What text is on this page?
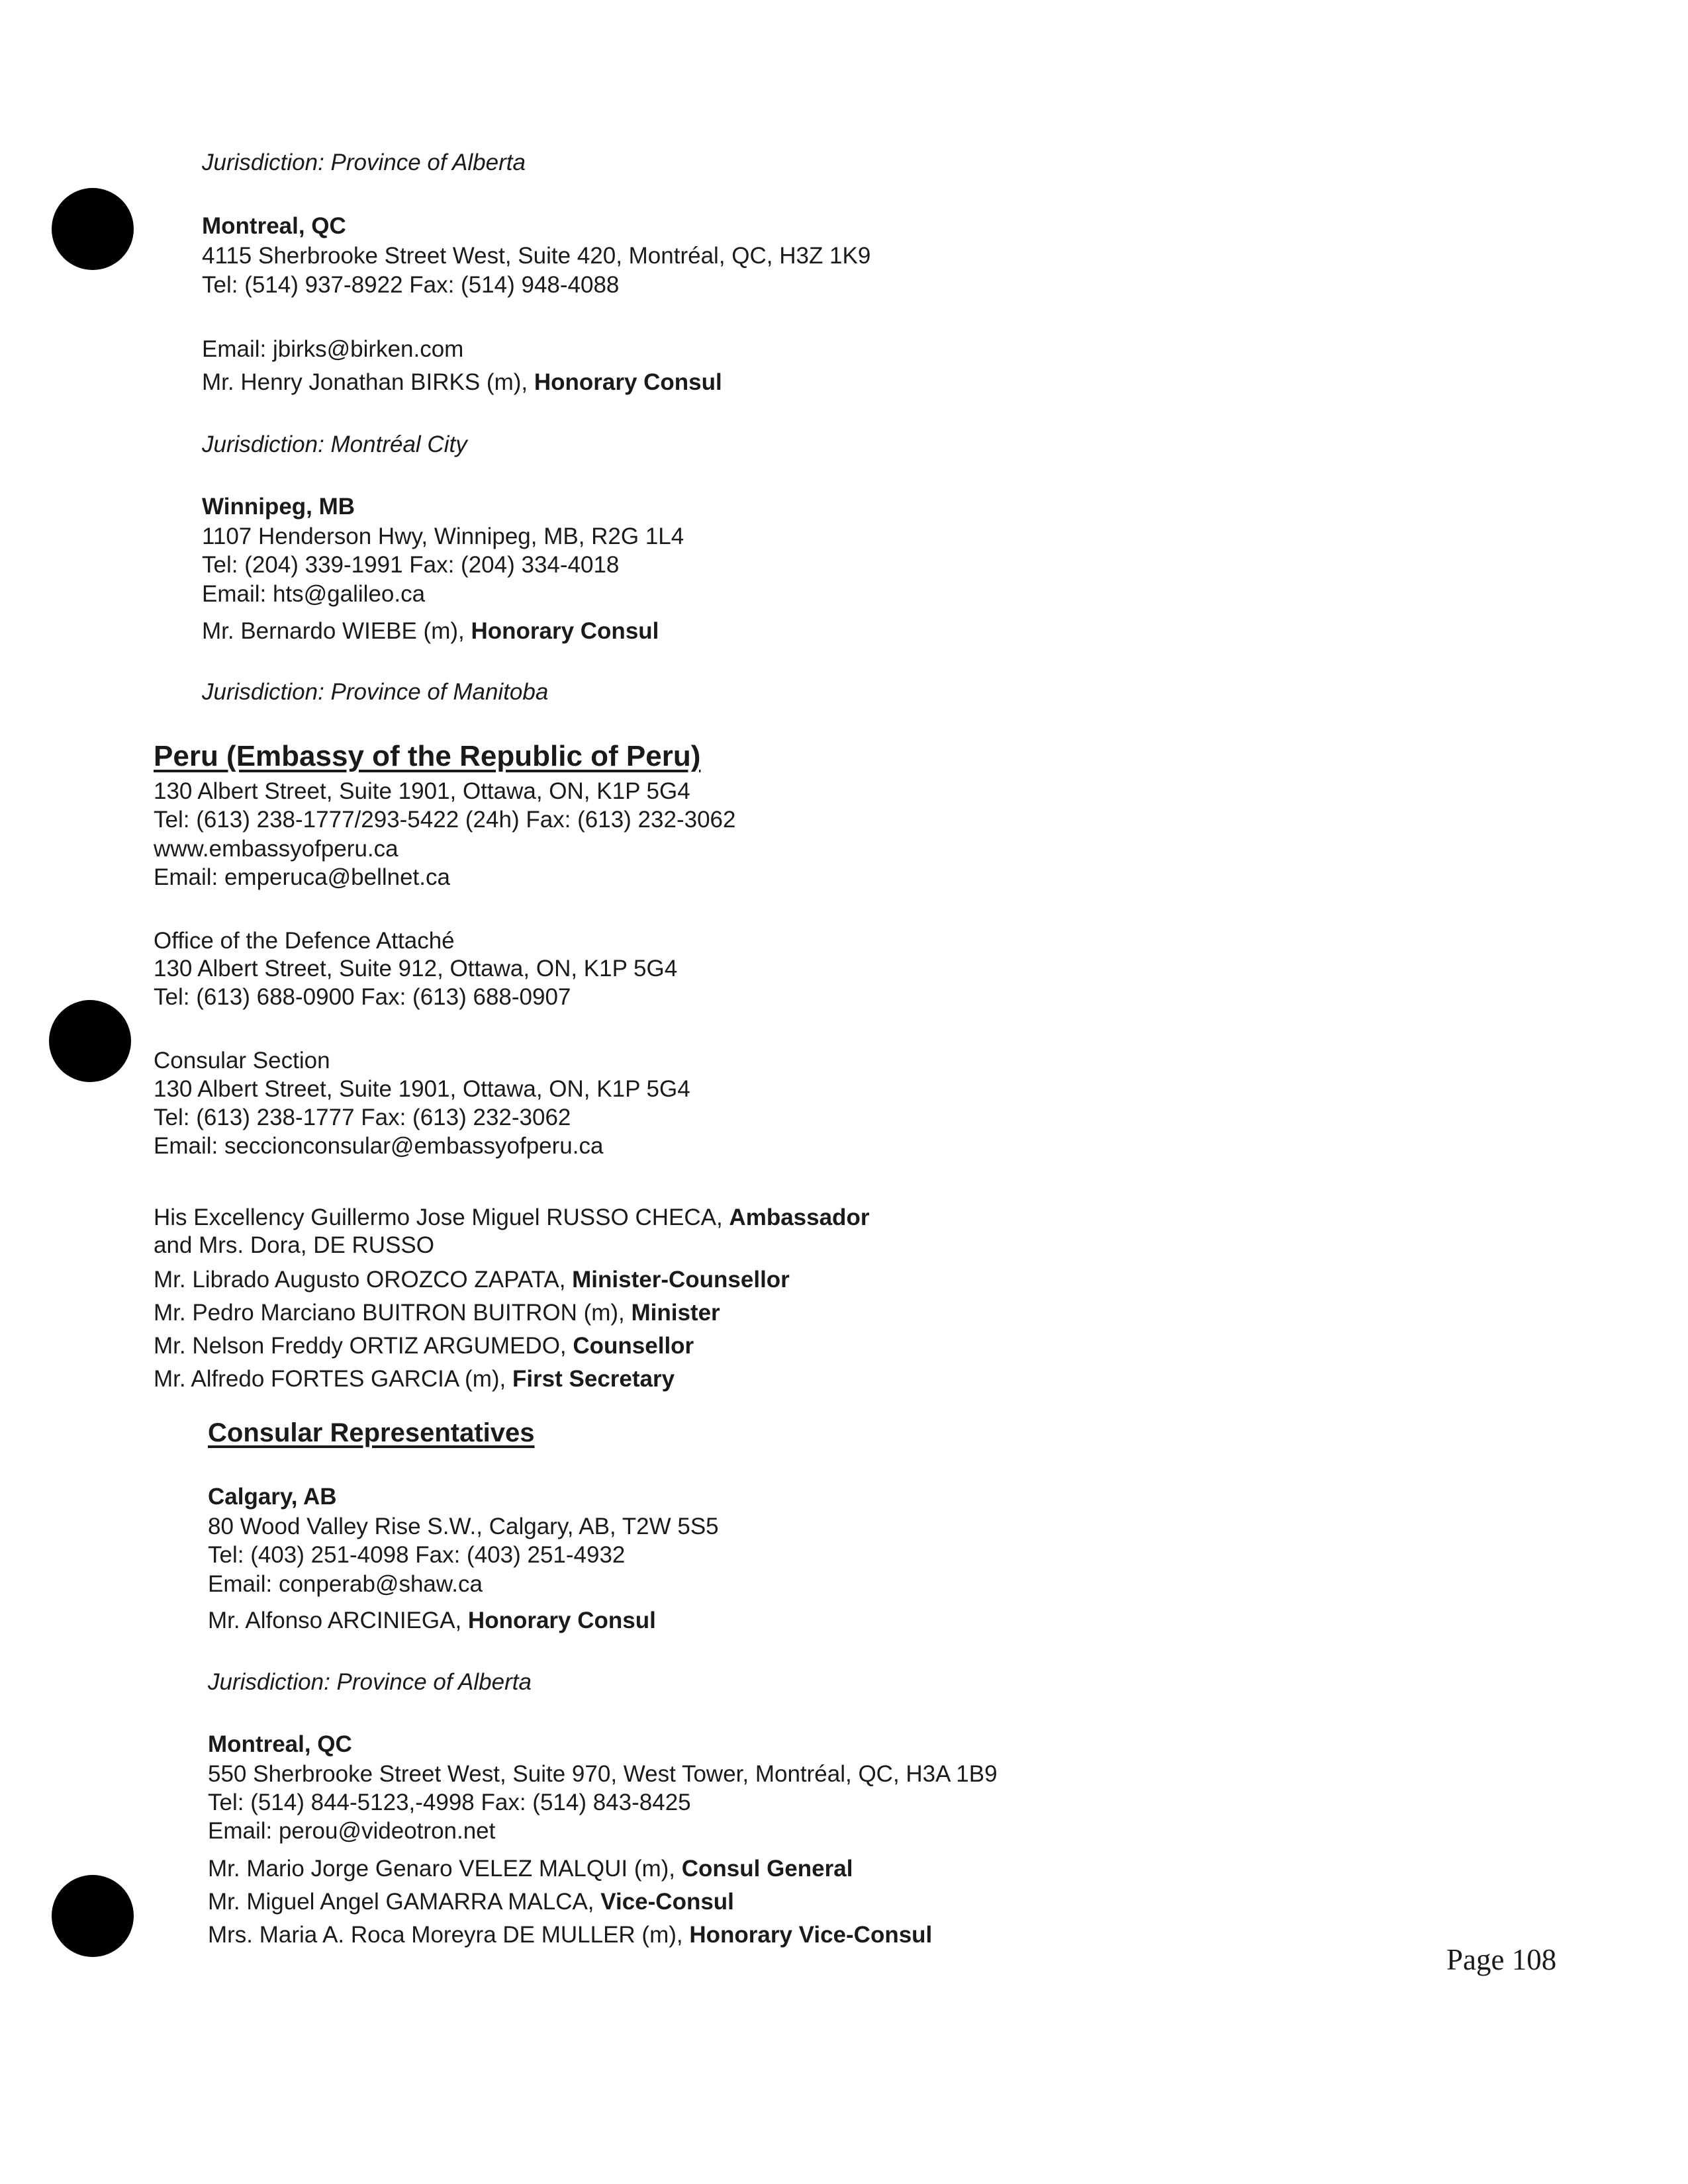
Jurisdiction: Province of Alberta
Montreal, QC
4115 Sherbrooke Street West, Suite 420, Montréal, QC, H3Z 1K9
Tel: (514) 937-8922 Fax: (514) 948-4088
Email: jbirks@birken.com
Mr. Henry Jonathan BIRKS (m), Honorary Consul
Jurisdiction: Montréal City
Winnipeg, MB
1107 Henderson Hwy, Winnipeg, MB, R2G 1L4
Tel: (204) 339-1991 Fax: (204) 334-4018
Email: hts@galileo.ca
Mr. Bernardo WIEBE (m), Honorary Consul
Jurisdiction: Province of Manitoba
Peru (Embassy of the Republic of Peru)
130 Albert Street, Suite 1901, Ottawa, ON, K1P 5G4
Tel: (613) 238-1777/293-5422 (24h) Fax: (613) 232-3062
www.embassyofperu.ca
Email: emperuca@bellnet.ca
Office of the Defence Attaché
130 Albert Street, Suite 912, Ottawa, ON, K1P 5G4
Tel: (613) 688-0900 Fax: (613) 688-0907
Consular Section
130 Albert Street, Suite 1901, Ottawa, ON, K1P 5G4
Tel: (613) 238-1777 Fax: (613) 232-3062
Email: seccionconsular@embassyofperu.ca
His Excellency Guillermo Jose Miguel RUSSO CHECA, Ambassador
and Mrs. Dora, DE RUSSO
Mr. Librado Augusto OROZCO ZAPATA, Minister-Counsellor
Mr. Pedro Marciano BUITRON BUITRON (m), Minister
Mr. Nelson Freddy ORTIZ ARGUMEDO, Counsellor
Mr. Alfredo FORTES GARCIA (m), First Secretary
Consular Representatives
Calgary, AB
80 Wood Valley Rise S.W., Calgary, AB, T2W 5S5
Tel: (403) 251-4098 Fax: (403) 251-4932
Email: conperab@shaw.ca
Mr. Alfonso ARCINIEGA, Honorary Consul
Jurisdiction: Province of Alberta
Montreal, QC
550 Sherbrooke Street West, Suite 970, West Tower, Montréal, QC, H3A 1B9
Tel: (514) 844-5123,-4998 Fax: (514) 843-8425
Email: perou@videotron.net
Mr. Mario Jorge Genaro VELEZ MALQUI (m), Consul General
Mr. Miguel Angel GAMARRA MALCA, Vice-Consul
Mrs. Maria A. Roca Moreyra DE MULLER (m), Honorary Vice-Consul
Page 108
